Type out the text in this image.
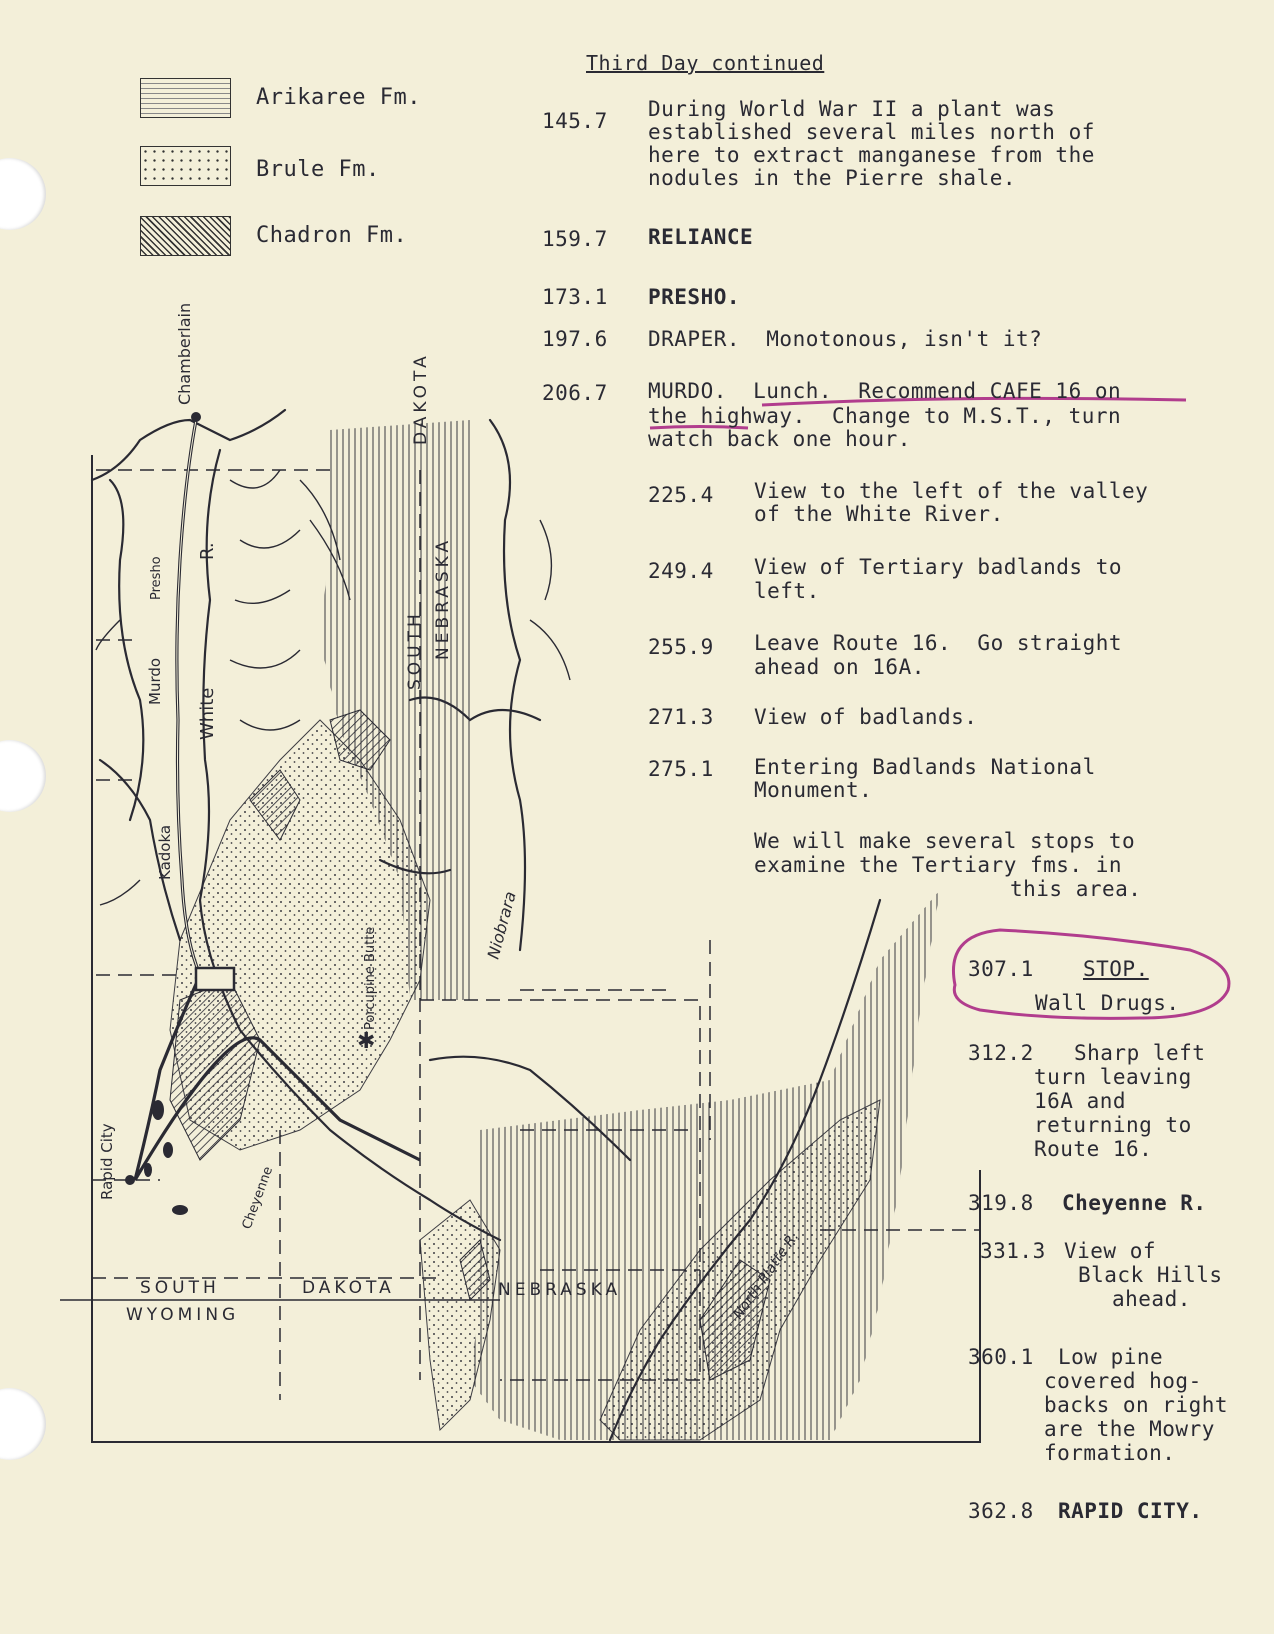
✱
Chamberlain
Presho
Murdo
White
R.
Kadoka
Rapid City
Porcupine Butte
Cheyenne
SOUTH
DAKOTA
NEBRASKA
Niobrara
SOUTH	DAKOTA
WYOMING
NEBRASKA	North Platte R.
Arikaree Fm.
Brule Fm.
Chadron Fm.
Third Day continued
145.7 During World War II a plant was
established several miles north of
here to extract manganese from the
nodules in the Pierre shale.
159.7 RELIANCE
173.1 PRESHO.
197.6 DRAPER.  Monotonous, isn't it?
206.7 MURDO.  Lunch.  Recommend CAFE 16 on
the highway.  Change to M.S.T., turn
watch back one hour.
225.4 View to the left of the valley
of the White River.
249.4 View of Tertiary badlands to
left.
255.9 Leave Route 16.  Go straight
ahead on 16A.
271.3 View of badlands.
275.1 Entering Badlands National
Monument.
We will make several stops to
examine the Tertiary fms. in
this area.
307.1 STOP.
Wall Drugs.
312.2 Sharp left
turn leaving
16A and
returning to
Route 16.
319.8 Cheyenne R.
331.3 View of
Black Hills
ahead.
360.1 Low pine
covered hog-
backs on right
are the Mowry
formation.
362.8 RAPID CITY.
